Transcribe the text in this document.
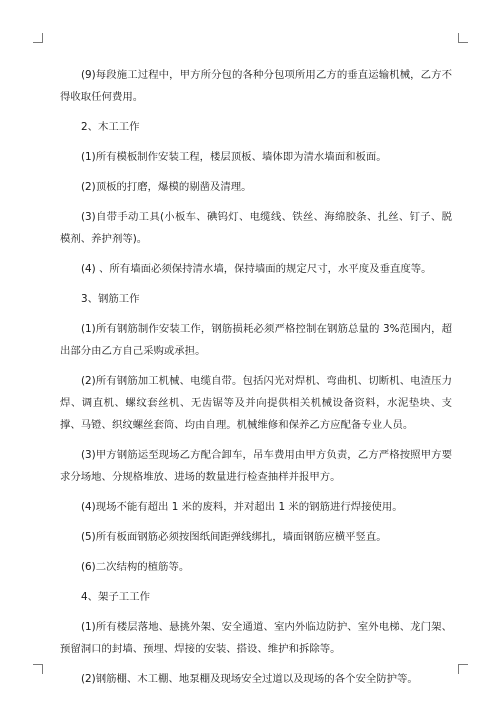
(9)每段施工过程中，甲方所分包的各种分包项所用乙方的垂直运输机械，乙方不得收取任何费用。

2、木工工作

(1)所有模板制作安装工程，楼层顶板、墙体即为清水墙面和板面。

(2)顶板的打磨，爆模的剔凿及清理。

(3)自带手动工具(小板车、碘钨灯、电缆线、铁丝、海绵胶条、扎丝、钉子、脱模剂、养护剂等)。

(4) 、所有墙面必须保持清水墙，保持墙面的规定尺寸，水平度及垂直度等。

3、钢筋工作

(1)所有钢筋制作安装工作，钢筋损耗必须严格控制在钢筋总量的 3%范围内，超出部分由乙方自己采购或承担。

(2)所有钢筋加工机械、电缆自带。包括闪光对焊机、弯曲机、切断机、电渣压力焊、调直机、螺纹套丝机、无齿锯等及并向提供相关机械设备资料，水泥垫块、支撑、马镫、织纹螺丝套筒、均由自理。机械维修和保养乙方应配备专业人员。

(3)甲方钢筋运至现场乙方配合卸车，吊车费用由甲方负责，乙方严格按照甲方要求分场地、分规格堆放、进场的数量进行检查抽样并报甲方。

(4)现场不能有超出 1 米的废料，并对超出 1 米的钢筋进行焊接使用。

(5)所有板面钢筋必须按图纸间距弹线绑扎，墙面钢筋应横平竖直。

(6)二次结构的植筋等。

4、架子工工作

(1)所有楼层落地、悬挑外架、安全通道、室内外临边防护、室外电梯、龙门架、预留洞口的封墙、预埋、焊接的安装、搭设、维护和拆除等。

(2)钢筋棚、木工棚、地泵棚及现场安全过道以及现场的各个安全防护等。
